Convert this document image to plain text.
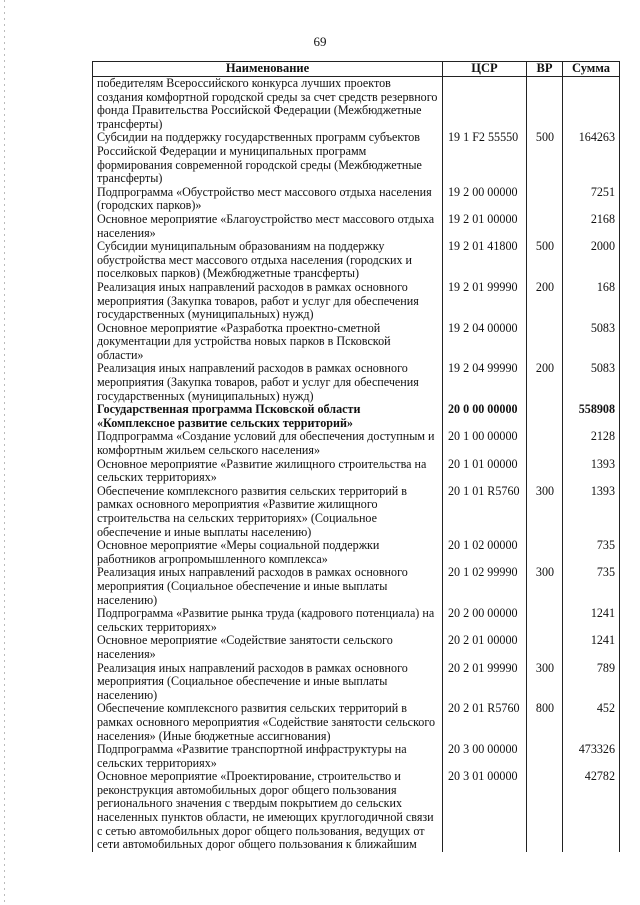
69
Наименование	ЦСР	ВР	Сумма
победителям Всероссийского конкурса лучших проектов создания комфортной городской среды за счет средств резервного фонда Правительства Российской Федерации (Межбюджетные трансферты)			
Субсидии на поддержку государственных программ субъектов Российской Федерации и муниципальных программ формирования современной городской среды (Межбюджетные трансферты)	19 1 F2 55550	500	164263
Подпрограмма «Обустройство мест массового отдыха населения (городских парков)»	19 2 00 00000		7251
Основное мероприятие «Благоустройство мест массового отдыха населения»	19 2 01 00000		2168
Субсидии муниципальным образованиям на поддержку обустройства мест массового отдыха населения (городских и поселковых парков) (Межбюджетные трансферты)	19 2 01 41800	500	2000
Реализация иных направлений расходов в рамках основного мероприятия (Закупка товаров, работ и услуг для обеспечения государственных (муниципальных) нужд)	19 2 01 99990	200	168
Основное мероприятие «Разработка проектно-сметной документации для устройства новых парков в Псковской области»	19 2 04 00000		5083
Реализация иных направлений расходов в рамках основного мероприятия (Закупка товаров, работ и услуг для обеспечения государственных (муниципальных) нужд)	19 2 04 99990	200	5083
Государственная программа Псковской области «Комплексное развитие сельских территорий»	20 0 00 00000		558908
Подпрограмма «Создание условий для обеспечения доступным и комфортным жильем сельского населения»	20 1 00 00000		2128
Основное мероприятие «Развитие жилищного строительства на сельских территориях»	20 1 01 00000		1393
Обеспечение комплексного развития сельских территорий в рамках основного мероприятия «Развитие жилищного строительства на сельских территориях» (Социальное обеспечение и иные выплаты населению)	20 1 01 R5760	300	1393
Основное мероприятие «Меры социальной поддержки работников агропромышленного комплекса»	20 1 02 00000		735
Реализация иных направлений расходов в рамках основного мероприятия (Социальное обеспечение и иные выплаты населению)	20 1 02 99990	300	735
Подпрограмма «Развитие рынка труда (кадрового потенциала) на сельских территориях»	20 2 00 00000		1241
Основное мероприятие «Содействие занятости сельского населения»	20 2 01 00000		1241
Реализация иных направлений расходов в рамках основного мероприятия (Социальное обеспечение и иные выплаты населению)	20 2 01 99990	300	789
Обеспечение комплексного развития сельских территорий в рамках основного мероприятия «Содействие занятости сельского населения» (Иные бюджетные ассигнования)	20 2 01 R5760	800	452
Подпрограмма «Развитие транспортной инфраструктуры на сельских территориях»	20 3 00 00000		473326
Основное мероприятие «Проектирование, строительство и реконструкция автомобильных дорог общего пользования регионального значения с твердым покрытием до сельских населенных пунктов области, не имеющих круглогодичной связи с сетью автомобильных дорог общего пользования, ведущих от сети автомобильных дорог общего пользования к ближайшим	20 3 01 00000		42782
